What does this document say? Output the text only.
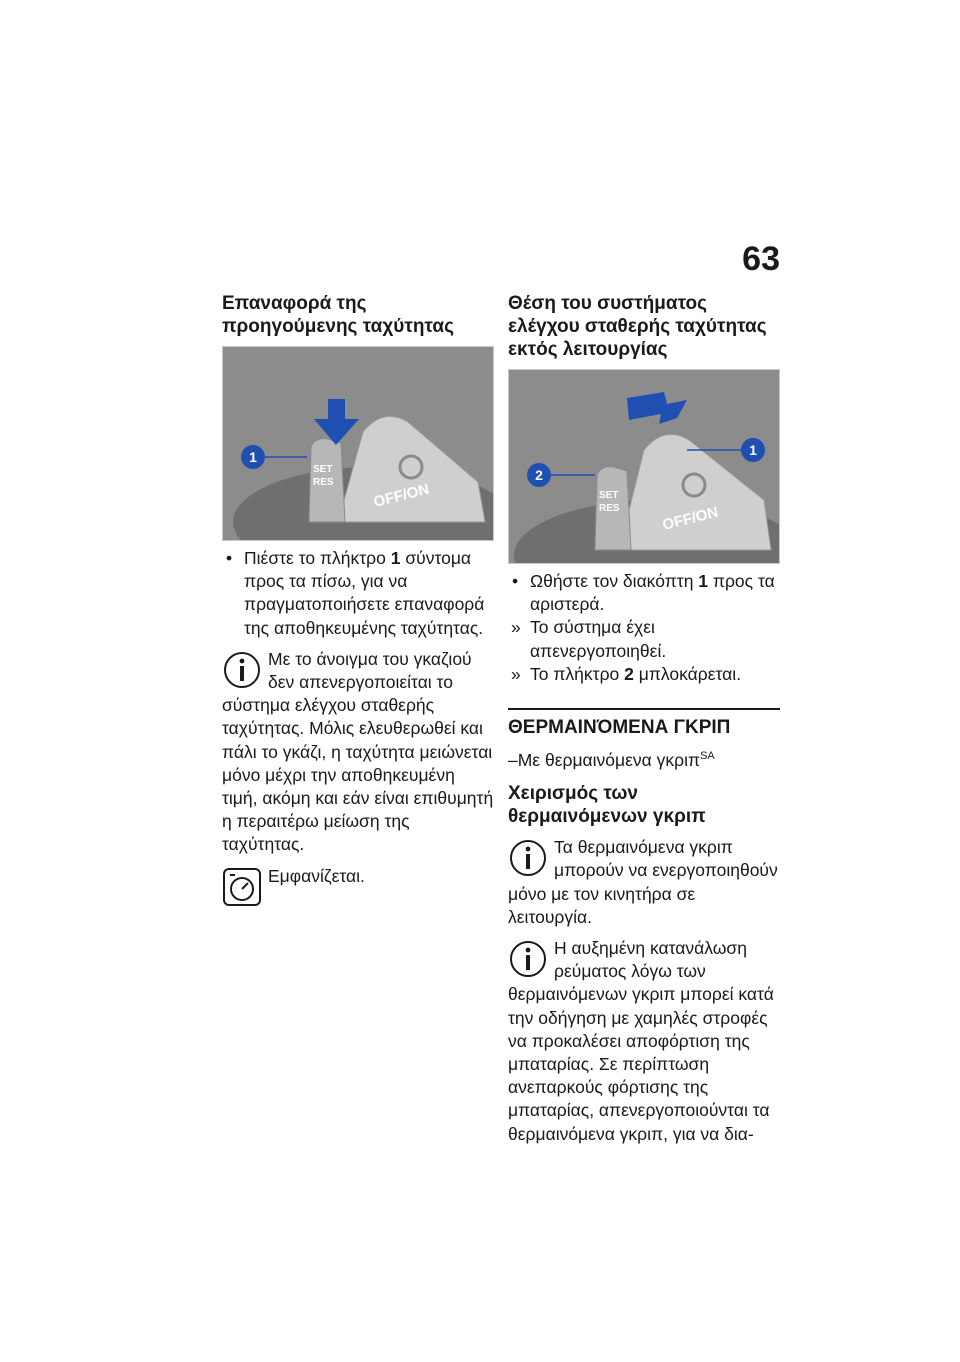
63
Επαναφορά της προηγούμενης ταχύτητας
SET
RES	OFF/ON
1

• Πιέστε το πλήκτρο 1 σύντομα προς τα πίσω, για να πραγματοποιήσετε επαναφορά της αποθηκευμένης ταχύτητας.

Με το άνοιγμα του γκαζιού δεν απενεργοποιείται το σύστημα ελέγχου σταθερής ταχύτητας. Μόλις ελευθερωθεί και πάλι το γκάζι, η ταχύτητα μειώνεται μόνο μέχρι την αποθηκευμένη τιμή, ακόμη και εάν είναι επιθυμητή η περαιτέρω μείωση της ταχύτητας.

Εμφανίζεται.

Θέση του συστήματος ελέγχου σταθερής ταχύτητας εκτός λειτουργίας
SET
RES	OFF/ON
1
2

• Ωθήστε τον διακόπτη 1 προς τα αριστερά.

» Το σύστημα έχει απενεργοποιηθεί.

» Το πλήκτρο 2 μπλοκάρεται.

ΘΕΡΜΑΙΝΌΜΕΝΑ ΓΚΡΙΠ

–Με θερμαινόμενα γκριπ$^{SA}$

Χειρισμός των θερμαινόμενων γκριπ

Τα θερμαινόμενα γκριπ μπορούν να ενεργοποιηθούν μόνο με τον κινητήρα σε λειτουργία.

Η αυξημένη κατανάλωση ρεύματος λόγω των θερμαινόμενων γκριπ μπορεί κατά την οδήγηση με χαμηλές στροφές να προκαλέσει αποφόρτιση της μπαταρίας. Σε περίπτωση ανεπαρκούς φόρτισης της μπαταρίας, απενεργοποιούνται τα θερμαινόμενα γκριπ, για να δια-
